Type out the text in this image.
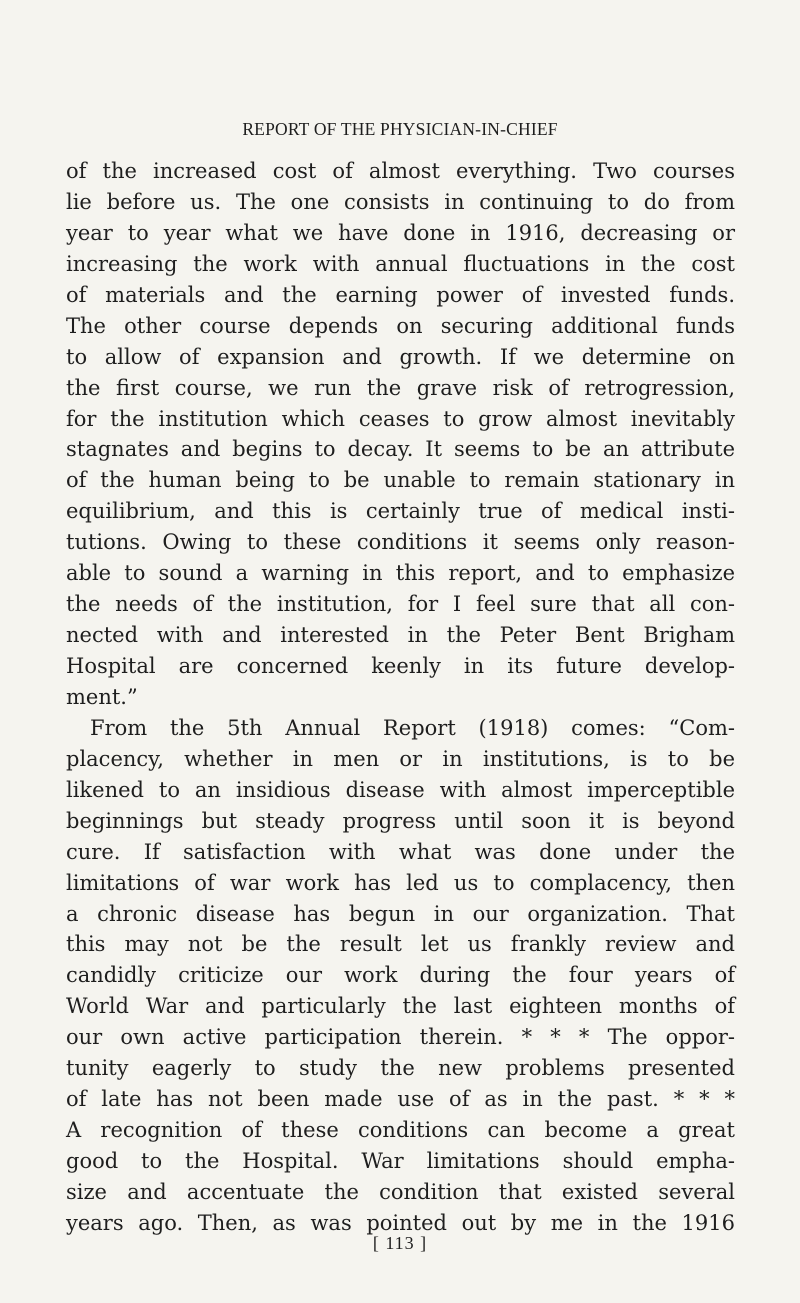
REPORT OF THE PHYSICIAN-IN-CHIEF
of the increased cost of almost everything. Two courses
lie before us. The one consists in continuing to do from
year to year what we have done in 1916, decreasing or
increasing the work with annual fluctuations in the cost
of materials and the earning power of invested funds.
The other course depends on securing additional funds
to allow of expansion and growth. If we determine on
the first course, we run the grave risk of retrogression,
for the institution which ceases to grow almost inevitably
stagnates and begins to decay. It seems to be an attribute
of the human being to be unable to remain stationary in
equilibrium, and this is certainly true of medical insti-
tutions. Owing to these conditions it seems only reason-
able to sound a warning in this report, and to emphasize
the needs of the institution, for I feel sure that all con-
nected with and interested in the Peter Bent Brigham
Hospital are concerned keenly in its future develop-
ment.”
From the 5th Annual Report (1918) comes: “Com-
placency, whether in men or in institutions, is to be
likened to an insidious disease with almost imperceptible
beginnings but steady progress until soon it is beyond
cure. If satisfaction with what was done under the
limitations of war work has led us to complacency, then
a chronic disease has begun in our organization. That
this may not be the result let us frankly review and
candidly criticize our work during the four years of
World War and particularly the last eighteen months of
our own active participation therein. * * * The oppor-
tunity eagerly to study the new problems presented
of late has not been made use of as in the past. * * *
A recognition of these conditions can become a great
good to the Hospital. War limitations should empha-
size and accentuate the condition that existed several
years ago. Then, as was pointed out by me in the 1916
[ 113 ]
